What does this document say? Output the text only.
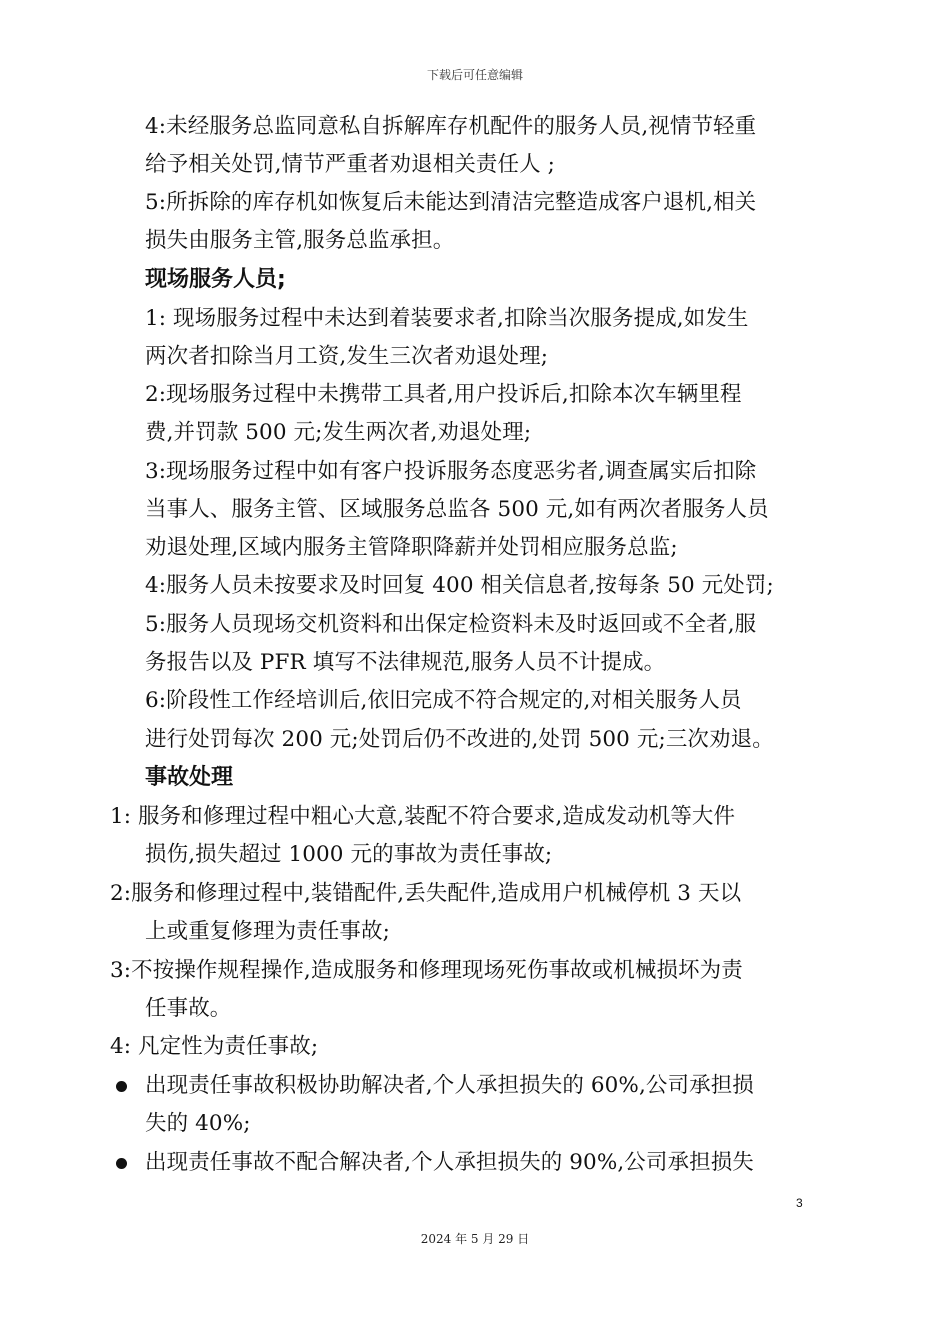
下载后可任意编辑
4:未经服务总监同意私自拆解库存机配件的服务人员,视情节轻重
给予相关处罚,情节严重者劝退相关责任人 ;
5:所拆除的库存机如恢复后未能达到清洁完整造成客户退机,相关
损失由服务主管,服务总监承担。
现场服务人员;
1: 现场服务过程中未达到着装要求者,扣除当次服务提成,如发生
两次者扣除当月工资,发生三次者劝退处理;
2:现场服务过程中未携带工具者,用户投诉后,扣除本次车辆里程
费,并罚款 500 元;发生两次者,劝退处理;
3:现场服务过程中如有客户投诉服务态度恶劣者,调查属实后扣除
当事人、服务主管、区域服务总监各 500 元,如有两次者服务人员
劝退处理,区域内服务主管降职降薪并处罚相应服务总监;
4:服务人员未按要求及时回复 400 相关信息者,按每条 50 元处罚;
5:服务人员现场交机资料和出保定检资料未及时返回或不全者,服
务报告以及 PFR 填写不法律规范,服务人员不计提成。
6:阶段性工作经培训后,依旧完成不符合规定的,对相关服务人员
进行处罚每次 200 元;处罚后仍不改进的,处罚 500 元;三次劝退。
事故处理
1: 服务和修理过程中粗心大意,装配不符合要求,造成发动机等大件
损伤,损失超过 1000 元的事故为责任事故;
2:服务和修理过程中,装错配件,丢失配件,造成用户机械停机 3 天以
上或重复修理为责任事故;
3:不按操作规程操作,造成服务和修理现场死伤事故或机械损坏为责
任事故。
4: 凡定性为责任事故;
出现责任事故积极协助解决者,个人承担损失的 60%,公司承担损
失的 40%;
出现责任事故不配合解决者,个人承担损失的 90%,公司承担损失
3
2024 年 5 月 29 日
